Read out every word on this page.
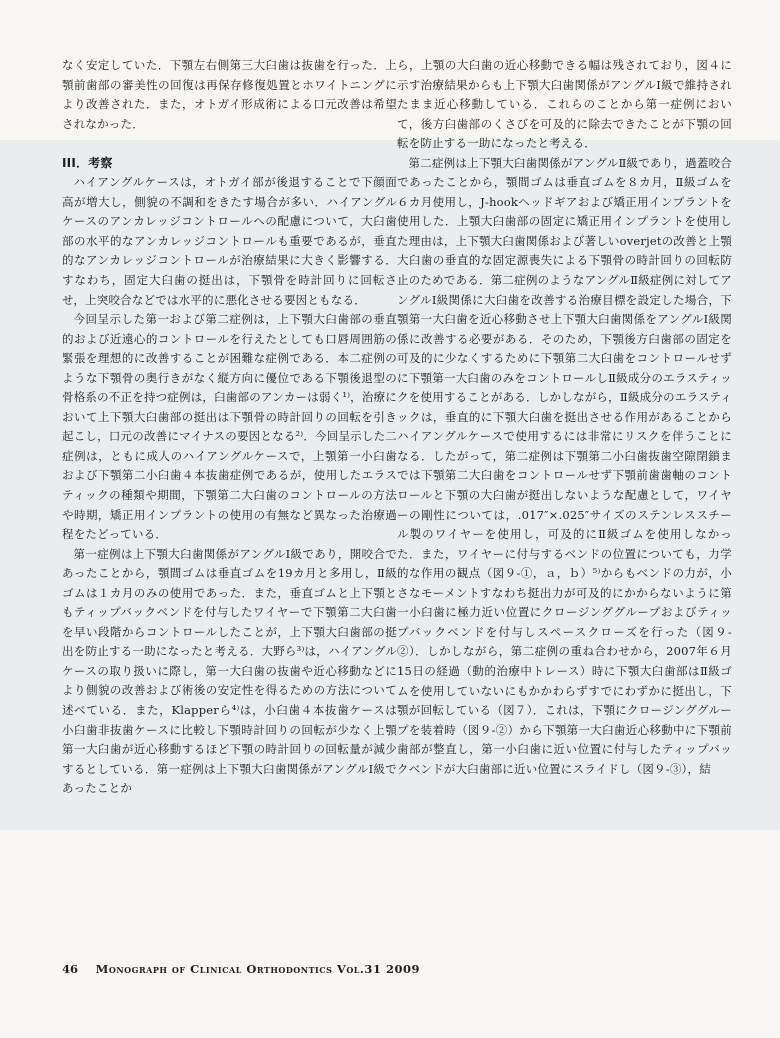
なく安定していた．下顎左右側第三大臼歯は抜歯を行った．上顎前歯部の審美性の回復は再保存修復処置とホワイトニングにより改善された．また，オトガイ形成術による口元改善は希望されなかった．

III．考察

ハイアングルケースは，オトガイ部が後退することで下顔面高が増大し，側貌の不調和をきたす場合が多い．ハイアングルケースのアンカレッジコントロールへの配慮について，大臼歯部の水平的なアンカレッジコントロールも重要であるが，垂直的なアンカレッジコントロールが治療結果に大きく影響する．すなわち，固定大臼歯の挺出は，下顎骨を時計回りに回転させ，上突咬合などでは水平的に悪化させる要因ともなる．

今回呈示した第一および第二症例は，上下顎大臼歯部の垂直的および近遠心的コントロールを行えたとしても口唇周囲筋の緊張を理想的に改善することが困難な症例である．本二症例のような下顎骨の奥行きがなく縦方向に優位である下顎後退型の骨格系の不正を持つ症例は，臼歯部のアンカーは弱く¹⁾，治療において上下顎大臼歯部の挺出は下顎骨の時計回りの回転を引き起こし，口元の改善にマイナスの要因となる²⁾．今回呈示した二症例は，ともに成人のハイアングルケースで，上顎第一小臼歯および下顎第二小臼歯４本抜歯症例であるが，使用したエラスティックの種類や期間，下顎第二大臼歯のコントロールの方法や時期，矯正用インプラントの使用の有無など異なった治療過程をたどっている．

第一症例は上下顎大臼歯関係がアングルⅠ級であり，開咬合であったことから，顎間ゴムは垂直ゴムを19カ月と多用し，Ⅱ級ゴムは１カ月のみの使用であった．また，垂直ゴムと上下顎ともティップバックベンドを付与したワイヤーで下顎第二大臼歯を早い段階からコントロールしたことが，上下顎大臼歯部の挺出を防止する一助になったと考える．大野ら³⁾は，ハイアングルケースの取り扱いに際し，第一大臼歯の抜歯や近心移動などにより側貌の改善および術後の安定性を得るための方法について述べている．また，Klapperら⁴⁾は，小臼歯４本抜歯ケースは小臼歯非抜歯ケースに比較し下顎時計回りの回転が少なく上顎第一大臼歯が近心移動するほど下顎の時計回りの回転量が減少するとしている．第一症例は上下顎大臼歯関係がアングルⅠ級であったことか

ら，上顎の大臼歯の近心移動できる幅は残されており，図４に示す治療結果からも上下顎大臼歯関係がアングルⅠ級で維持されたまま近心移動している．これらのことから第一症例において，後方臼歯部のくさびを可及的に除去できたことが下顎の回転を防止する一助になったと考える．

第二症例は上下顎大臼歯関係がアングルⅡ級であり，過蓋咬合であったことから，顎間ゴムは垂直ゴムを８カ月，Ⅱ級ゴムを６カ月使用し，J-hookヘッドギアおよび矯正用インプラントを使用した．上顎大臼歯部の固定に矯正用インプラントを使用した理由は，上下顎大臼歯関係および著しいoverjetの改善と上顎大臼歯の垂直的な固定源喪失による下顎骨の時計回りの回転防止のためである．第二症例のようなアングルⅡ級症例に対してアングルⅠ級関係に大臼歯を改善する治療目標を設定した場合，下顎第一大臼歯を近心移動させ上下顎大臼歯関係をアングルⅠ級関係に改善する必要がある．そのため，下顎後方臼歯部の固定を可及的に少なくするために下顎第二大臼歯をコントロールせずに下顎第一大臼歯のみをコントロールしⅡ級成分のエラスティックを使用することがある．しかしながら，Ⅱ級成分のエラスティックは，垂直的に下顎大臼歯を挺出させる作用があることからハイアングルケースで使用するには非常にリスクを伴うことになる．したがって，第二症例は下顎第二小臼歯抜歯空隙閉鎖までは下顎第二大臼歯をコントロールせず下顎前歯歯軸のコントロールと下顎の大臼歯が挺出しないような配慮として，ワイヤーの剛性については，.017″×.025″サイズのステンレススチール製のワイヤーを使用し，可及的にⅡ級ゴムを使用しなかった．また，ワイヤーに付与するベンドの位置についても，力学的な作用の観点（図９-①，ａ，ｂ）⁵⁾からもベンドの力が，小さなモーメントすなわち挺出力が可及的にかからないように第一小臼歯に極力近い位置にクロージンググループおよびティップバックベンドを付与しスペースクローズを行った（図９-②）．しかしながら，第二症例の重ね合わせから，2007年６月15日の経過（動的治療中トレース）時に下顎大臼歯部はⅡ級ゴムを使用していないにもかかわらずすでにわずかに挺出し，下顎が回転している（図７）．これは，下顎にクロージンググループを装着時（図９-②）から下顎第一大臼歯近心移動中に下顎前歯部が整直し，第一小臼歯に近い位置に付与したティップバックベンドが大臼歯部に近い位置にスライドし（図９-③），結

46 Monograph of Clinical Orthodontics Vol.31 2009
